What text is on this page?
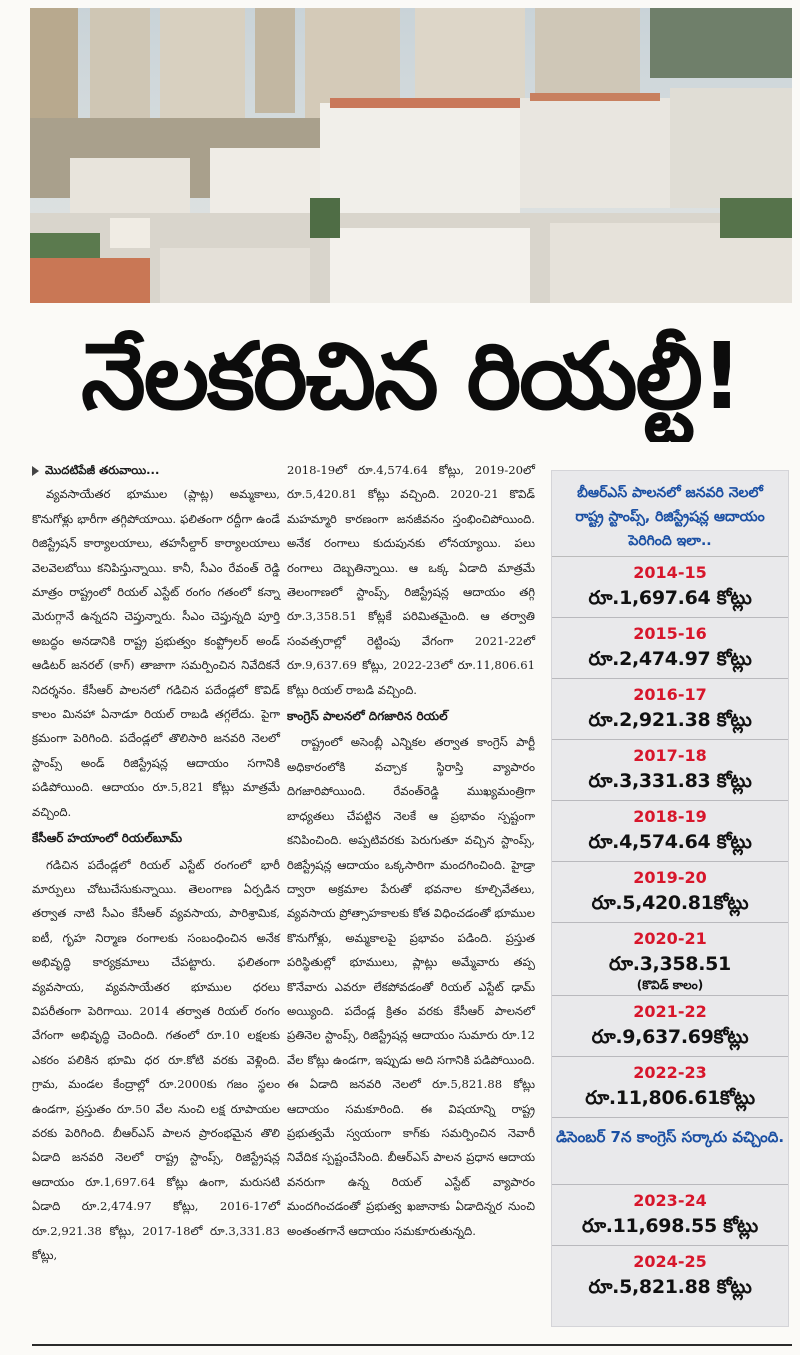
నేలకరిచిన రియల్టీ!
మొదటిపేజీ తరువాయి...

వ్యవసాయేతర భూముల (ప్లాట్ల) అమ్మకాలు, కొనుగోళ్లు భారీగా తగ్గిపోయాయి. ఫలితంగా రద్దీగా ఉండే రిజిస్ట్రేషన్ కార్యాలయాలు, తహసీల్దార్ కార్యాలయాలు వెలవెలబోయి కనిపిస్తున్నాయి. కానీ, సీఎం రేవంత్ రెడ్డి మాత్రం రాష్ట్రంలో రియల్ ఎస్టేట్ రంగం గతంలో కన్నా మెరుగ్గానే ఉన్నదని చెప్తున్నారు. సీఎం చెప్తున్నది పూర్తి అబద్ధం అనడానికి రాష్ట్ర ప్రభుత్వం కంప్ట్రోలర్ అండ్ ఆడిటర్ జనరల్ (కాగ్) తాజాగా సమర్పించిన నివేదికనే నిదర్శనం. కేసీఆర్ పాలనలో గడిచిన పదేండ్లలో కొవిడ్ కాలం మినహా ఏనాడూ రియల్ రాబడి తగ్గలేదు. పైగా క్రమంగా పెరిగింది. పదేండ్లలో తొలిసారి జనవరి నెలలో స్టాంప్స్ అండ్ రిజిస్ట్రేషన్ల ఆదాయం సగానికి పడిపోయింది. ఆదాయం రూ.5,821 కోట్లు మాత్రమే వచ్చింది.

కేసీఆర్ హయాంలో రియల్‌బూమ్

గడిచిన పదేండ్లలో రియల్ ఎస్టేట్ రంగంలో భారీ మార్పులు చోటుచేసుకున్నాయి. తెలంగాణ ఏర్పడిన తర్వాత నాటి సీఎం కేసీఆర్ వ్యవసాయ, పారిశ్రామిక, ఐటీ, గృహ నిర్మాణ రంగాలకు సంబంధించిన అనేక అభివృద్ధి కార్యక్రమాలు చేపట్టారు. ఫలితంగా వ్యవసాయ, వ్యవసాయేతర భూముల ధరలు విపరీతంగా పెరిగాయి. 2014 తర్వాత రియల్ రంగం వేగంగా అభివృద్ధి చెందింది. గతంలో రూ.10 లక్షలకు ఎకరం పలికిన భూమి ధర రూ.కోటి వరకు వెళ్లింది. గ్రామ, మండల కేంద్రాల్లో రూ.2000కు గజం స్థలం ఉండగా, ప్రస్తుతం రూ.50 వేల నుంచి లక్ష రూపాయల వరకు పెరిగింది. బీఆర్ఎస్ పాలన ప్రారంభమైన తొలి ఏడాది జనవరి నెలలో రాష్ట్ర స్టాంప్స్, రిజిస్ట్రేషన్ల ఆదాయం రూ.1,697.64 కోట్లు ఉంగా, మరుసటి ఏడాది రూ.2,474.97 కోట్లు, 2016-17లో రూ.2,921.38 కోట్లు, 2017-18లో రూ.3,331.83 కోట్లు,

2018-19లో రూ.4,574.64 కోట్లు, 2019-20లో రూ.5,420.81 కోట్లు వచ్చింది. 2020-21 కొవిడ్ మహమ్మారి కారణంగా జనజీవనం స్తంభించిపోయింది. అనేక రంగాలు కుదుపునకు లోనయ్యాయి. పలు రంగాలు దెబ్బతిన్నాయి. ఆ ఒక్క ఏడాది మాత్రమే తెలంగాణలో స్టాంప్స్, రిజిస్ట్రేషన్ల ఆదాయం తగ్గి రూ.3,358.51 కోట్లకే పరిమితమైంది. ఆ తర్వాతి సంవత్సరాల్లో రెట్టింపు వేగంగా 2021-22లో రూ.9,637.69 కోట్లు, 2022-23లో రూ.11,806.61 కోట్లు రియల్ రాబడి వచ్చింది.

కాంగ్రెస్ పాలనలో దిగజారిన రియల్

రాష్ట్రంలో అసెంబ్లీ ఎన్నికల తర్వాత కాంగ్రెస్ పార్టీ అధికారంలోకి వచ్చాక స్థిరాస్తి వ్యాపారం దిగజారిపోయింది. రేవంత్‌రెడ్డి ముఖ్యమంత్రిగా బాధ్యతలు చేపట్టిన నెలకే ఆ ప్రభావం స్పష్టంగా కనిపించింది. అప్పటివరకు పెరుగుతూ వచ్చిన స్టాంప్స్, రిజిస్ట్రేషన్ల ఆదాయం ఒక్కసారిగా మందగించింది. హైడ్రా ద్వారా అక్రమాల పేరుతో భవనాల కూల్చివేతలు, వ్యవసాయ ప్రోత్సాహకాలకు కోత విధించడంతో భూముల కొనుగోళ్లు, అమ్మకాలపై ప్రభావం పడింది. ప్రస్తుత పరిస్థితుల్లో భూములు, ప్లాట్లు అమ్మేవారు తప్ప కొనేవారు ఎవరూ లేకపోవడంతో రియల్ ఎస్టేట్ ఢామ్ అయ్యింది. పదేండ్ల క్రితం వరకు కేసీఆర్ పాలనలో ప్రతినెల స్టాంప్స్, రిజిస్ట్రేషన్ల ఆదాయం సుమారు రూ.12 వేల కోట్లు ఉండగా, ఇప్పుడు అది సగానికి పడిపోయింది. ఈ ఏడాది జనవరి నెలలో రూ.5,821.88 కోట్లు ఆదాయం సమకూరింది. ఈ విషయాన్ని రాష్ట్ర ప్రభుత్వమే స్వయంగా కాగ్‌కు సమర్పించిన నెవారీ నివేదిక స్పష్టంచేసింది. బీఆర్ఎస్ పాలన ప్రధాన ఆదాయ వనరుగా ఉన్న రియల్ ఎస్టేట్ వ్యాపారం మందగించడంతో ప్రభుత్వ ఖజానాకు ఏడాదిన్నర నుంచి అంతంతగానే ఆదాయం సమకూరుతున్నది.

బీఆర్ఎస్ పాలనలో జనవరి నెలలో రాష్ట్ర స్టాంప్స్, రిజిస్ట్రేషన్ల ఆదాయం పెరిగింది ఇలా..

2014-15
రూ.1,697.64 కోట్లు
2015-16
రూ.2,474.97 కోట్లు
2016-17
రూ.2,921.38 కోట్లు
2017-18
రూ.3,331.83 కోట్లు
2018-19
రూ.4,574.64 కోట్లు
2019-20
రూ.5,420.81కోట్లు
2020-21
రూ.3,358.51
(కొవిడ్ కాలం)
2021-22
రూ.9,637.69కోట్లు
2022-23
రూ.11,806.61కోట్లు
డిసెంబర్ 7న కాంగ్రెస్ సర్కారు వచ్చింది.
2023-24
రూ.11,698.55 కోట్లు
2024-25
రూ.5,821.88 కోట్లు
